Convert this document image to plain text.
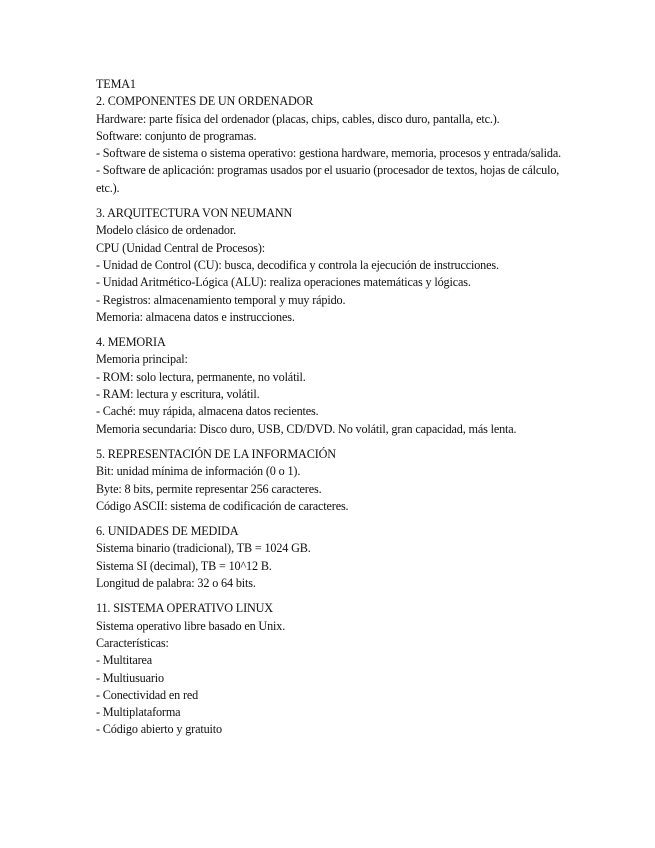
TEMA1

2. COMPONENTES DE UN ORDENADOR

Hardware: parte física del ordenador (placas, chips, cables, disco duro, pantalla, etc.).

Software: conjunto de programas.

- Software de sistema o sistema operativo: gestiona hardware, memoria, procesos y entrada/salida.

- Software de aplicación: programas usados por el usuario (procesador de textos, hojas de cálculo, etc.).

3. ARQUITECTURA VON NEUMANN

Modelo clásico de ordenador.

CPU (Unidad Central de Procesos):

- Unidad de Control (CU): busca, decodifica y controla la ejecución de instrucciones.

- Unidad Aritmético-Lógica (ALU): realiza operaciones matemáticas y lógicas.

- Registros: almacenamiento temporal y muy rápido.

Memoria: almacena datos e instrucciones.

4. MEMORIA

Memoria principal:

- ROM: solo lectura, permanente, no volátil.

- RAM: lectura y escritura, volátil.

- Caché: muy rápida, almacena datos recientes.

Memoria secundaria: Disco duro, USB, CD/DVD. No volátil, gran capacidad, más lenta.

5. REPRESENTACIÓN DE LA INFORMACIÓN

Bit: unidad mínima de información (0 o 1).

Byte: 8 bits, permite representar 256 caracteres.

Código ASCII: sistema de codificación de caracteres.

6. UNIDADES DE MEDIDA

Sistema binario (tradicional), TB = 1024 GB.

Sistema SI (decimal), TB = 10^12 B.

Longitud de palabra: 32 o 64 bits.

11. SISTEMA OPERATIVO LINUX

Sistema operativo libre basado en Unix.

Características:

- Multitarea

- Multiusuario

- Conectividad en red

- Multiplataforma

- Código abierto y gratuito
